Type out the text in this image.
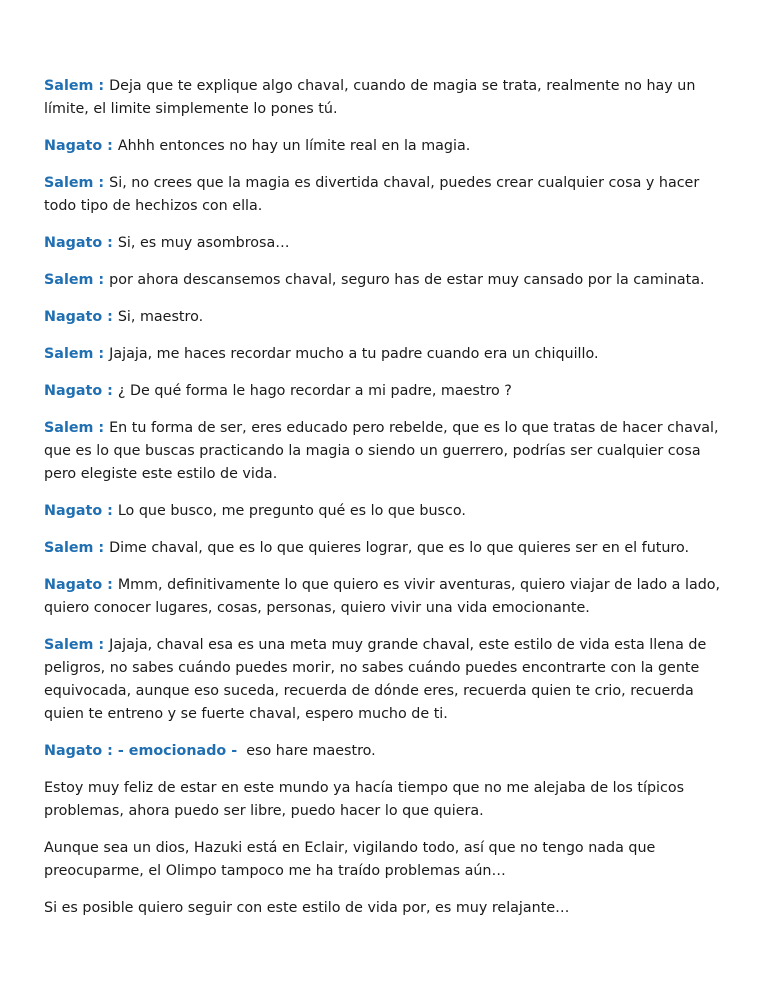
Salem : Deja que te explique algo chaval, cuando de magia se trata, realmente no hay un límite, el limite simplemente lo pones tú.

Nagato : Ahhh entonces no hay un límite real en la magia.

Salem : Si, no crees que la magia es divertida chaval, puedes crear cualquier cosa y hacer todo tipo de hechizos con ella.

Nagato : Si, es muy asombrosa…

Salem : por ahora descansemos chaval, seguro has de estar muy cansado por la caminata.

Nagato : Si, maestro.

Salem : Jajaja, me haces recordar mucho a tu padre cuando era un chiquillo.

Nagato : ¿ De qué forma le hago recordar a mi padre, maestro ?

Salem : En tu forma de ser, eres educado pero rebelde, que es lo que tratas de hacer chaval, que es lo que buscas practicando la magia o siendo un guerrero, podrías ser cualquier cosa pero elegiste este estilo de vida.

Nagato : Lo que busco, me pregunto qué es lo que busco.

Salem : Dime chaval, que es lo que quieres lograr, que es lo que quieres ser en el futuro.

Nagato : Mmm, definitivamente lo que quiero es vivir aventuras, quiero viajar de lado a lado, quiero conocer lugares, cosas, personas, quiero vivir una vida emocionante.

Salem : Jajaja, chaval esa es una meta muy grande chaval, este estilo de vida esta llena de peligros, no sabes cuándo puedes morir, no sabes cuándo puedes encontrarte con la gente equivocada, aunque eso suceda, recuerda de dónde eres, recuerda quien te crio, recuerda quien te entreno y se fuerte chaval, espero mucho de ti.

Nagato : - emocionado - eso hare maestro.

Estoy muy feliz de estar en este mundo ya hacía tiempo que no me alejaba de los típicos problemas, ahora puedo ser libre, puedo hacer lo que quiera.

Aunque sea un dios, Hazuki está en Eclair, vigilando todo, así que no tengo nada que preocuparme, el Olimpo tampoco me ha traído problemas aún…

Si es posible quiero seguir con este estilo de vida por, es muy relajante…
